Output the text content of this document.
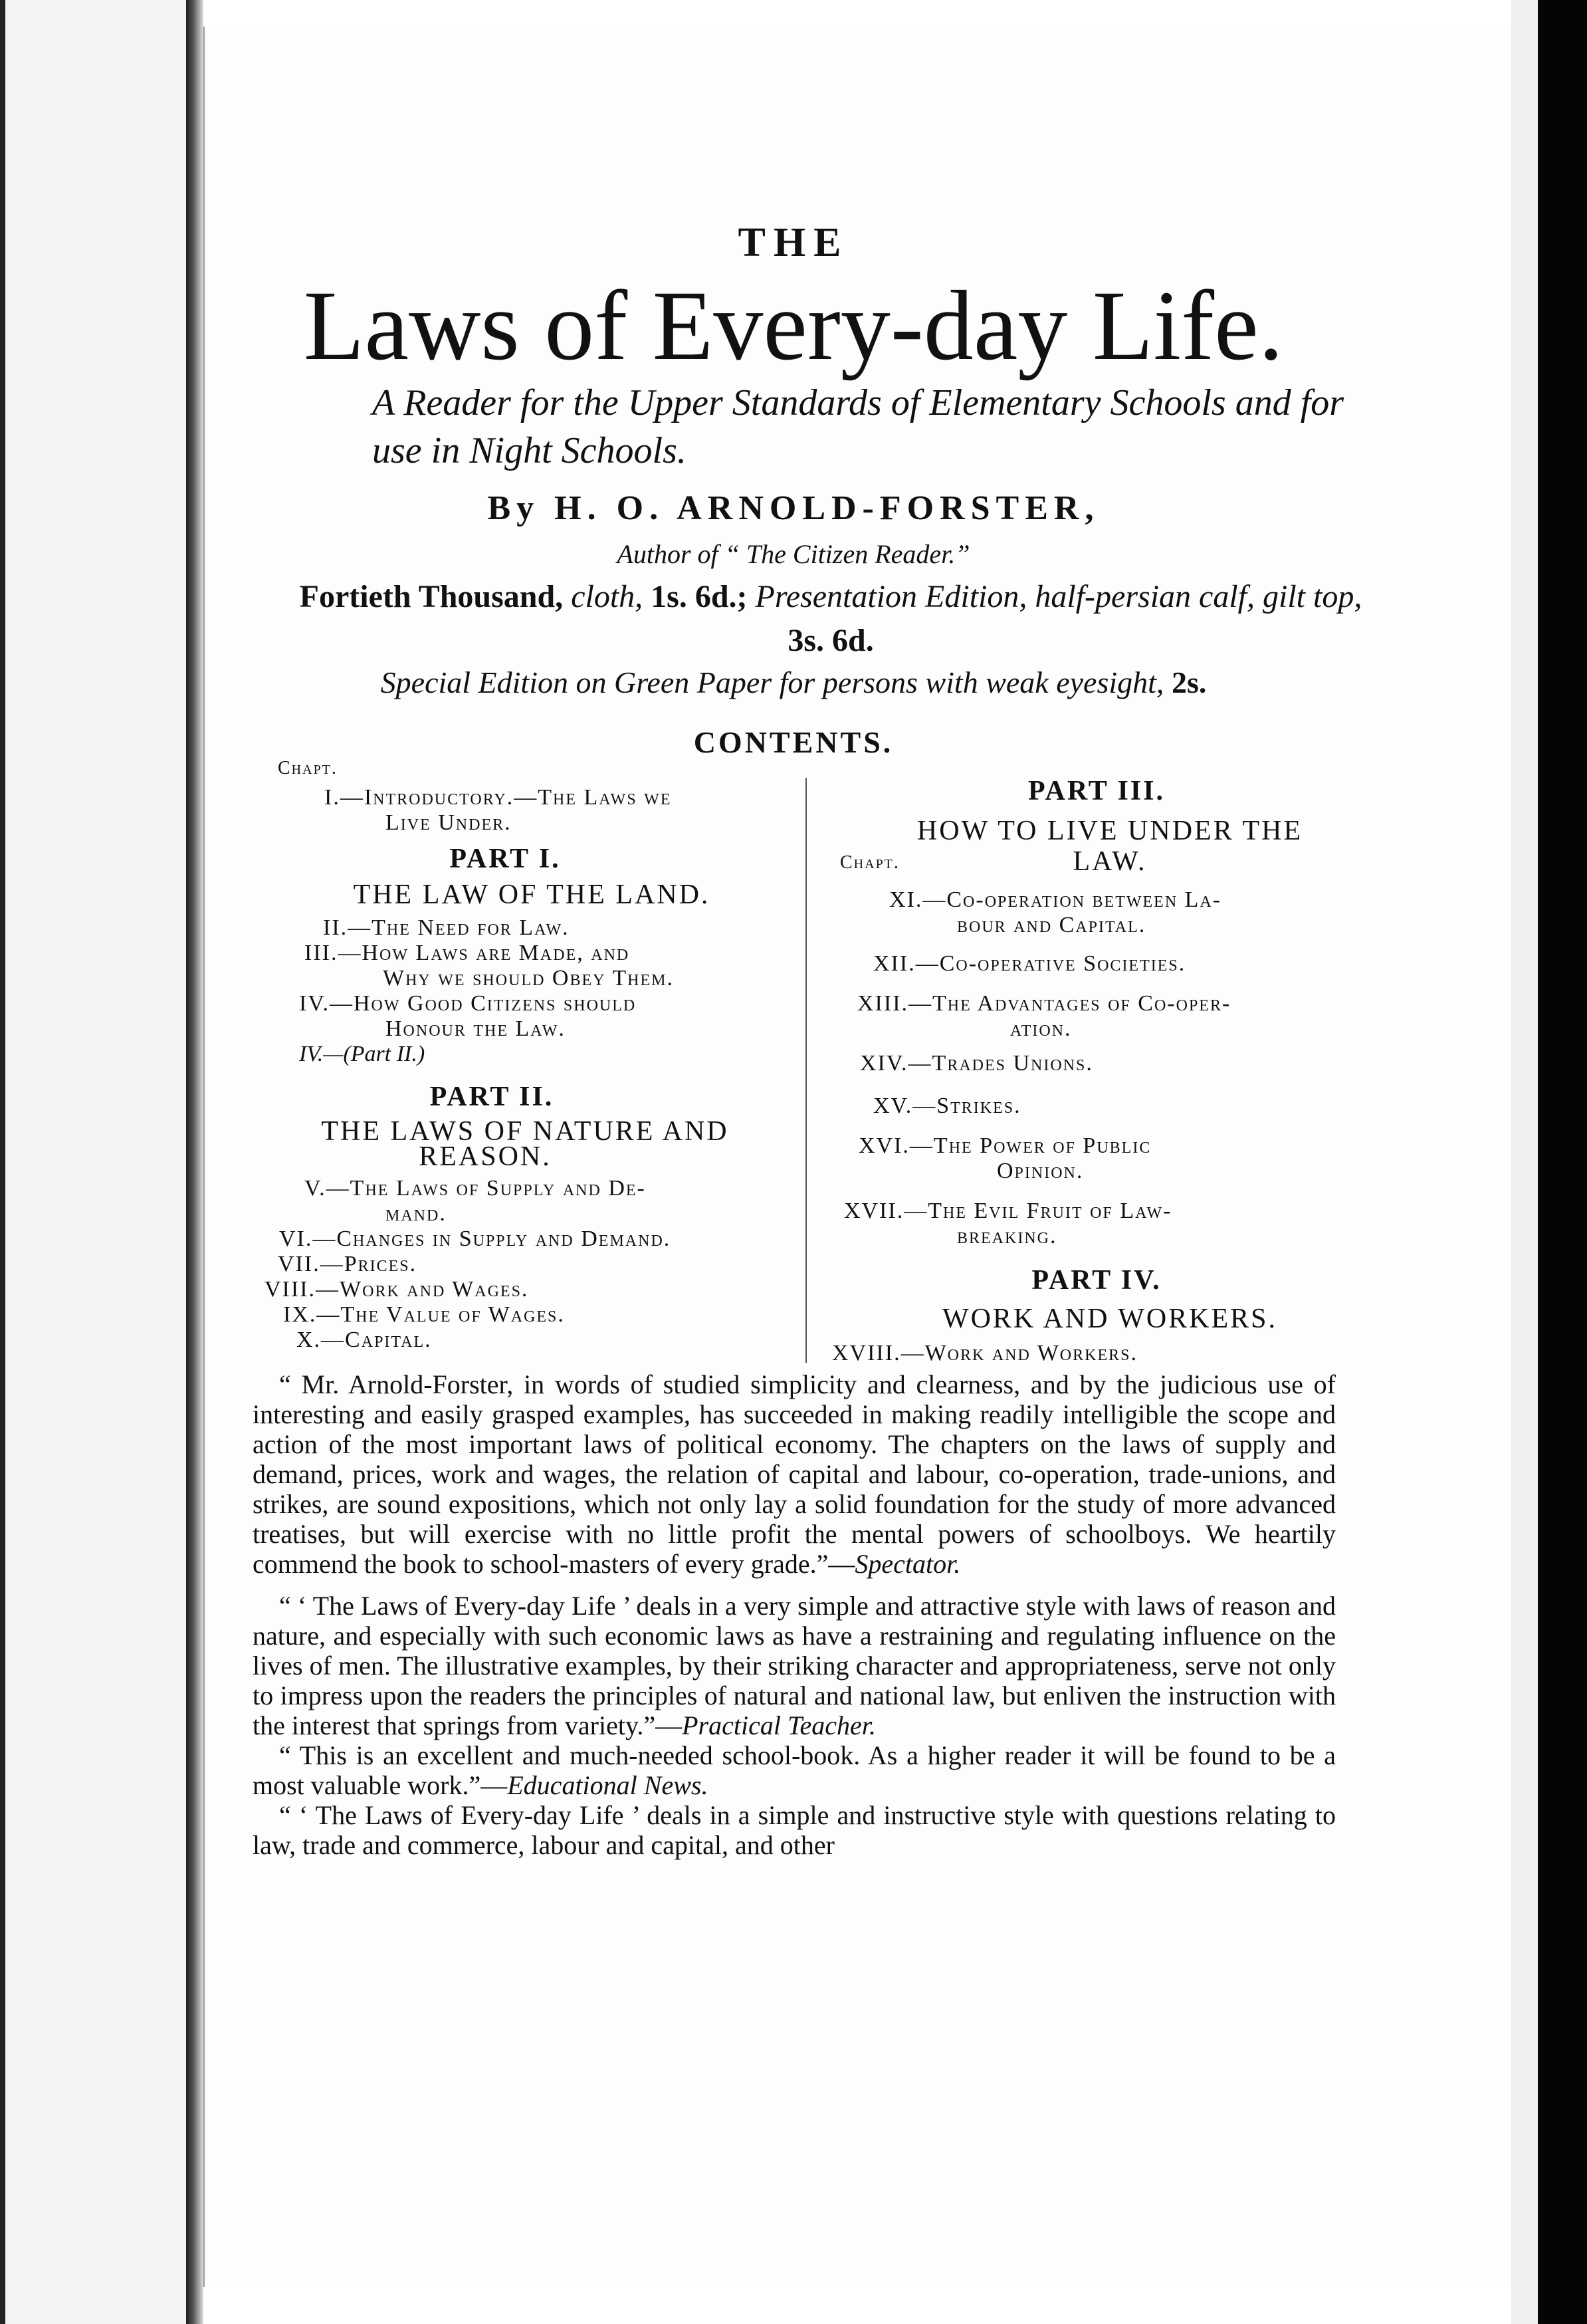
THE
Laws of Every-day Life.
A Reader for the Upper Standards of Elementary Schools and for use in Night Schools.
By H. O. ARNOLD-FORSTER,
Author of “ The Citizen Reader.”
Fortieth Thousand, cloth, 1s. 6d.; Presentation Edition, half-persian calf, gilt top, 3s. 6d.
Special Edition on Green Paper for persons with weak eyesight, 2s.
CONTENTS.
Chapt.
I.—Introductory.—The Laws we
Live Under.
PART I.
THE LAW OF THE LAND.
II.—The Need for Law.
III.—How Laws are Made, and
Why we should Obey Them.
IV.—How Good Citizens should
Honour the Law.
IV.—(Part II.)
PART II.
THE LAWS OF NATURE AND
REASON.
V.—The Laws of Supply and De-
mand.
VI.—Changes in Supply and Demand.
VII.—Prices.
VIII.—Work and Wages.
IX.—The Value of Wages.
X.—Capital.
PART III.
HOW TO LIVE UNDER THE
Chapt.	LAW.
XI.—Co-operation between La-
bour and Capital.
XII.—Co-operative Societies.
XIII.—The Advantages of Co-oper-
ation.
XIV.—Trades Unions.
XV.—Strikes.
XVI.—The Power of Public
Opinion.
XVII.—The Evil Fruit of Law-
breaking.
PART IV.
WORK AND WORKERS.
XVIII.—Work and Workers.

“ Mr. Arnold-Forster, in words of studied simplicity and clearness, and by the judicious use of interesting and easily grasped examples, has succeeded in making readily intelligible the scope and action of the most important laws of political economy. The chapters on the laws of supply and demand, prices, work and wages, the relation of capital and labour, co-operation, trade-unions, and strikes, are sound expositions, which not only lay a solid foundation for the study of more advanced treatises, but will exercise with no little profit the mental powers of schoolboys. We heartily commend the book to school-masters of every grade.”—Spectator.

“ ‘ The Laws of Every-day Life ’ deals in a very simple and attractive style with laws of reason and nature, and especially with such economic laws as have a restraining and regulating influence on the lives of men. The illustrative examples, by their striking character and appropriateness, serve not only to impress upon the readers the principles of natural and national law, but enliven the instruction with the interest that springs from variety.”—Practical Teacher.

“ This is an excellent and much-needed school-book. As a higher reader it will be found to be a most valuable work.”—Educational News.

“ ‘ The Laws of Every-day Life ’ deals in a simple and instructive style with questions relating to law, trade and commerce, labour and capital, and other
